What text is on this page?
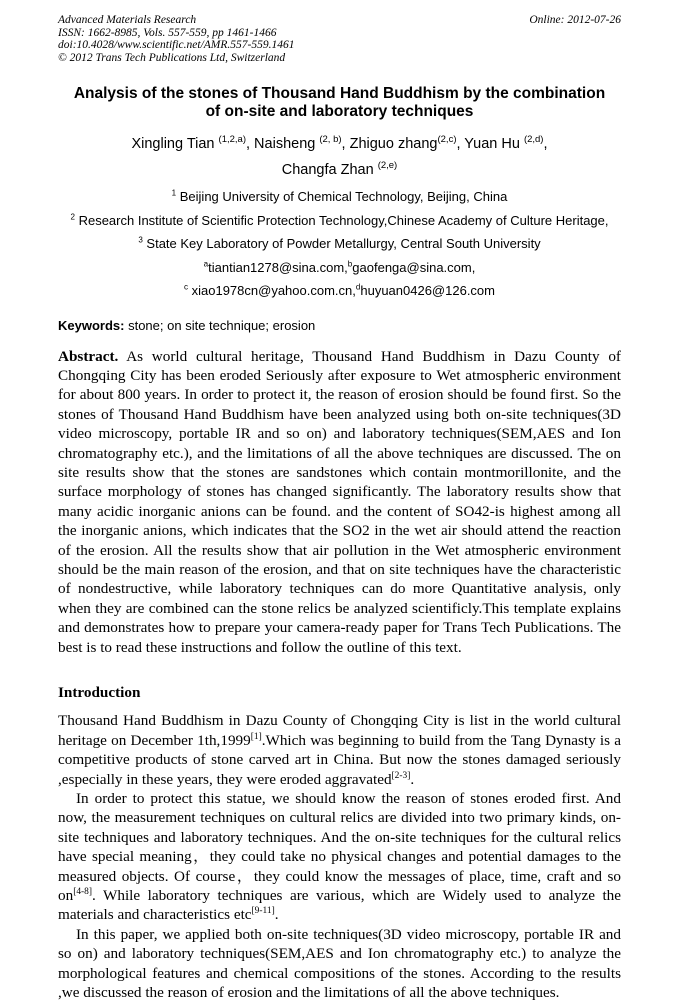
Advanced Materials Research
ISSN: 1662-8985, Vols. 557-559, pp 1461-1466
doi:10.4028/www.scientific.net/AMR.557-559.1461
© 2012 Trans Tech Publications Ltd, Switzerland
Online: 2012-07-26
Analysis of the stones of Thousand Hand Buddhism by the combination
of on-site and laboratory techniques
Xingling Tian $^{(1,2,a)}$, Naisheng $^{(2, b)}$, Zhiguo zhang$^{(2,c)}$, Yuan Hu $^{(2,d)}$,
Changfa Zhan $^{(2,e)}$
$^1$ Beijing University of Chemical Technology, Beijing, China
$^2$ Research Institute of Scientific Protection Technology,Chinese Academy of Culture Heritage,
$^3$ State Key Laboratory of Powder Metallurgy, Central South University
$^a$tiantian1278@sina.com,$^b$gaofenga@sina.com,
$^c$ xiao1978cn@yahoo.com.cn,$^d$huyuan0426@126.com

Keywords: stone; on site technique; erosion

Abstract. As world cultural heritage, Thousand Hand Buddhism in Dazu County of Chongqing City has been eroded Seriously after exposure to Wet atmospheric environment for about 800 years. In order to protect it, the reason of erosion should be found first. So the stones of Thousand Hand Buddhism have been analyzed using both on-site techniques(3D video microscopy, portable IR and so on) and laboratory techniques(SEM,AES and Ion chromatography etc.), and the limitations of all the above techniques are discussed. The on site results show that the stones are sandstones which contain montmorillonite, and the surface morphology of stones has changed significantly. The laboratory results show that many acidic inorganic anions can be found. and the content of SO42-is highest among all the inorganic anions, which indicates that the SO2 in the wet air should attend the reaction of the erosion. All the results show that air pollution in the Wet atmospheric environment should be the main reason of the erosion, and that on site techniques have the characteristic of nondestructive, while laboratory techniques can do more Quantitative analysis, only when they are combined can the stone relics be analyzed scientificly.This template explains and demonstrates how to prepare your camera-ready paper for Trans Tech Publications. The best is to read these instructions and follow the outline of this text.

Introduction

Thousand Hand Buddhism in Dazu County of Chongqing City is list in the world cultural heritage on December 1th,1999[1].Which was beginning to build from the Tang Dynasty is a competitive products of stone carved art in China. But now the stones damaged seriously ,especially in these years, they were eroded aggravated[2-3].

In order to protect this statue, we should know the reason of stones eroded first. And now, the measurement techniques on cultural relics are divided into two primary kinds, on-site techniques and laboratory techniques. And the on-site techniques for the cultural relics have special meaning，they could take no physical changes and potential damages to the measured objects. Of course，they could know the messages of place, time, craft and so on[4-8]. While laboratory techniques are various, which are Widely used to analyze the materials and characteristics etc[9-11].

In this paper, we applied both on-site techniques(3D video microscopy, portable IR and so on) and laboratory techniques(SEM,AES and Ion chromatography etc.) to analyze the morphological features and chemical compositions of the stones. According to the results ,we discussed the reason of erosion and the limitations of all the above techniques.
